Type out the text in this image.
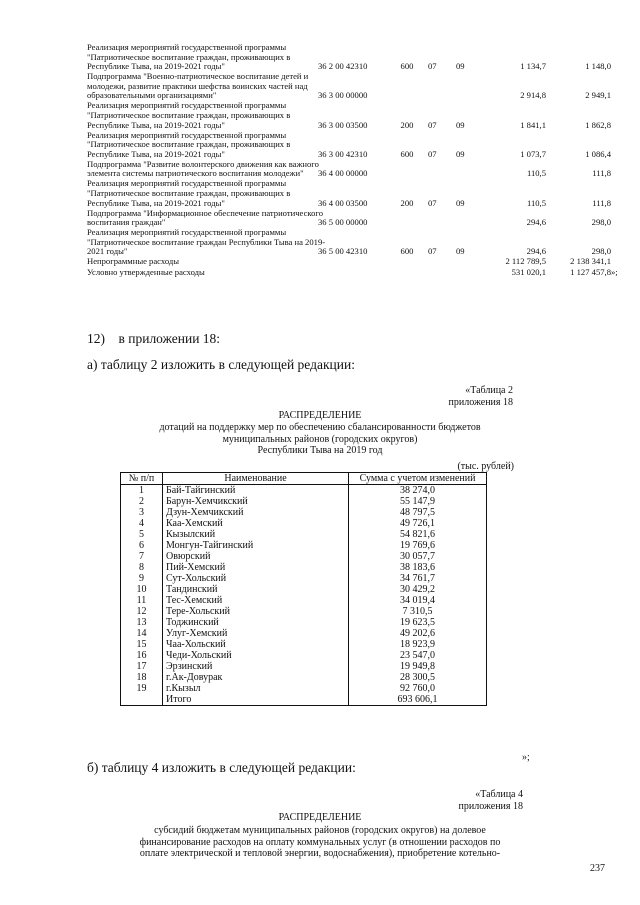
Реализация мероприятий государственной программы
"Патриотическое воспитание граждан, проживающих в
Республике Тыва, на 2019-2021 годы"	36 2 00 42310	600	07	09	1 134,7	1 148,0
Подпрограмма "Военно-патриотическое воспитание детей и
молодежи, развитие практики шефства воинских частей над
образовательными организациями"	36 3 00 00000	2 914,8	2 949,1
Реализация мероприятий государственной программы
"Патриотическое воспитание граждан, проживающих в
Республике Тыва, на 2019-2021 годы"	36 3 00 03500	200	07	09	1 841,1	1 862,8
Реализация мероприятий государственной программы
"Патриотическое воспитание граждан, проживающих в
Республике Тыва, на 2019-2021 годы"	36 3 00 42310	600	07	09	1 073,7	1 086,4
Подпрограмма "Развитие волонтерского движения как важного
элемента системы патриотического воспитания молодежи"	36 4 00 00000	110,5	111,8
Реализация мероприятий государственной программы
"Патриотическое воспитание граждан, проживающих в
Республике Тыва, на 2019-2021 годы"	36 4 00 03500	200	07	09	110,5	111,8
Подпрограмма "Информационное обеспечение патриотического
воспитания граждан"	36 5 00 00000	294,6	298,0
Реализация мероприятий государственной программы
"Патриотическое воспитание граждан Республики Тыва на 2019-
2021 годы"	36 5 00 42310	600	07	09	294,6	298,0
Непрограммные расходы	2 112 789,5	2 138 341,1
Условно утвержденные расходы	531 020,1	1 127 457,8 »;
12) в приложении 18:
а) таблицу 2 изложить в следующей редакции:
«Таблица 2
приложения 18
РАСПРЕДЕЛЕНИЕ
дотаций на поддержку мер по обеспечению сбалансированности бюджетов
муниципальных районов (городских округов)
Республики Тыва на 2019 год
(тыс. рублей)
№ п/п	Наименование	Сумма с учетом изменений
1	Бай-Тайгинский	38 274,0
2	Барун-Хемчикский	55 147,9
3	Дзун-Хемчикский	48 797,5
4	Каа-Хемский	49 726,1
5	Кызылский	54 821,6
6	Монгун-Тайгинский	19 769,6
7	Овюрский	30 057,7
8	Пий-Хемский	38 183,6
9	Сут-Хольский	34 761,7
10	Тандинский	30 429,2
11	Тес-Хемский	34 019,4
12	Тере-Хольский	7 310,5
13	Тоджинский	19 623,5
14	Улуг-Хемский	49 202,6
15	Чаа-Хольский	18 923,9
16	Чеди-Хольский	23 547,0
17	Эрзинский	19 949,8
18	г.Ак-Довурак	28 300,5
19	г.Кызыл	92 760,0
	Итого	693 606,1
»;
б) таблицу 4 изложить в следующей редакции:
«Таблица 4
приложения 18
РАСПРЕДЕЛЕНИЕ
субсидий бюджетам муниципальных районов (городских округов) на долевое
финансирование расходов на оплату коммунальных услуг (в отношении расходов по
оплате электрической и тепловой энергии, водоснабжения), приобретение котельно-
237
